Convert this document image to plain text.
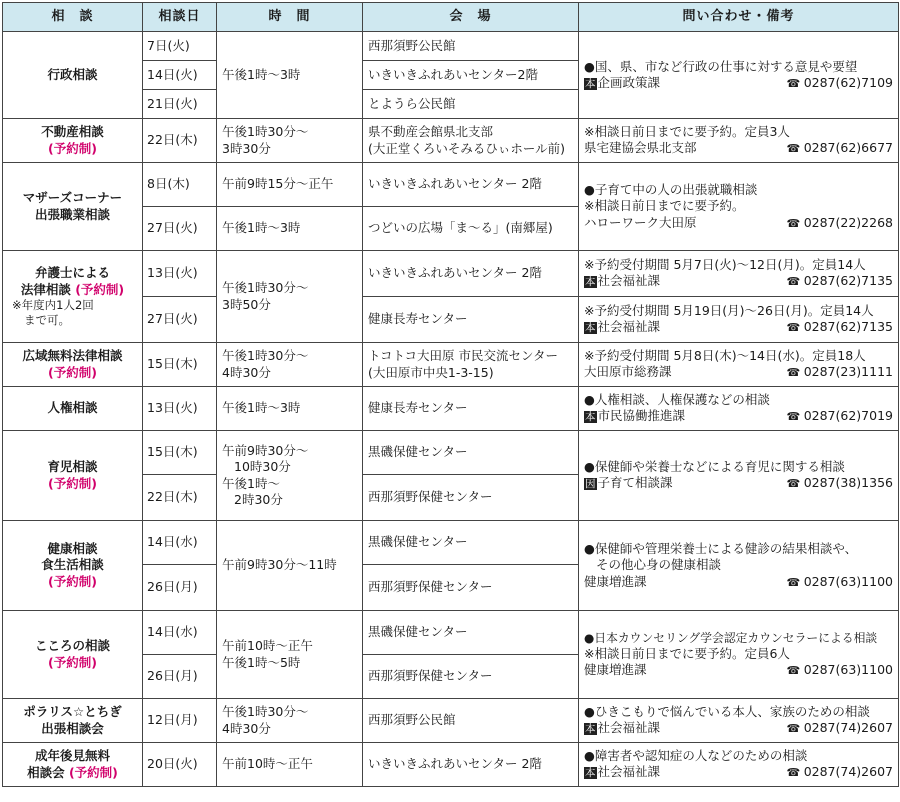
相　談	相談日	時　間	会　場	問い合わせ・備考
行政相談	7日(火)	午後1時～3時	西那須野公民館	●国、県、市など行政の仕事に対する意見や要望
本 企画政策課 ☎ 0287(62)7109

	14日(火)		いきいきふれあいセンター2階	
	21日(火)		とようら公民館	

不動産相談
(予約制)	22日(木)	午後1時30分～
3時30分	県不動産会館県北支部
(大正堂くろいそみるひぃホール前)	※相談日前日までに要予約。定員3人
県宅建協会県北支部 ☎ 0287(62)6677

マザーズコーナー
出張職業相談	8日(木)	午前9時15分～正午	いきいきふれあいセンター 2階	●子育て中の人の出張就職相談
※相談日前日までに要予約。
ハローワーク大田原 ☎ 0287(22)2268

	27日(火)	午後1時～3時	つどいの広場「ま～る」(南郷屋)	

弁護士による
法律相談 (予約制)
※年度内1人2回
まで可。	13日(火)	午後1時30分～
3時50分	いきいきふれあいセンター 2階	※予約受付期間 5月7日(火)～12日(月)。定員14人
本 社会福祉課 ☎ 0287(62)7135

	27日(火)		健康長寿センター	※予約受付期間 5月19日(月)～26日(月)。定員14人
本 社会福祉課 ☎ 0287(62)7135

広域無料法律相談
(予約制)	15日(木)	午後1時30分～
4時30分	トコトコ大田原 市民交流センター
(大田原市中央1-3-15)	※予約受付期間 5月8日(木)～14日(水)。定員18人
大田原市総務課 ☎ 0287(23)1111

人権相談	13日(火)	午後1時～3時	健康長寿センター	●人権相談、人権保護などの相談
本 市民協働推進課 ☎ 0287(62)7019

育児相談
(予約制)	15日(木)	午前9時30分～
10時30分
午後1時～
2時30分	黒磯保健センター	●保健師や栄養士などによる育児に関する相談
因 子育て相談課 ☎ 0287(38)1356

	22日(木)		西那須野保健センター	

健康相談
食生活相談
(予約制)	14日(水)	午前9時30分～11時	黒磯保健センター	●保健師や管理栄養士による健診の結果相談や、
その他心身の健康相談
健康増進課 ☎ 0287(63)1100

	26日(月)		西那須野保健センター	

こころの相談
(予約制)	14日(水)	午前10時～正午
午後1時～5時	黒磯保健センター	●日本カウンセリング学会認定カウンセラーによる相談
※相談日前日までに要予約。定員6人
健康増進課 ☎ 0287(63)1100

	26日(月)		西那須野保健センター	

ポラリス☆とちぎ
出張相談会	12日(月)	午後1時30分～
4時30分	西那須野公民館	●ひきこもりで悩んでいる本人、家族のための相談
本 社会福祉課 ☎ 0287(74)2607

成年後見無料
相談会 (予約制)	20日(火)	午前10時～正午	いきいきふれあいセンター 2階	●障害者や認知症の人などのための相談
本 社会福祉課 ☎ 0287(74)2607
